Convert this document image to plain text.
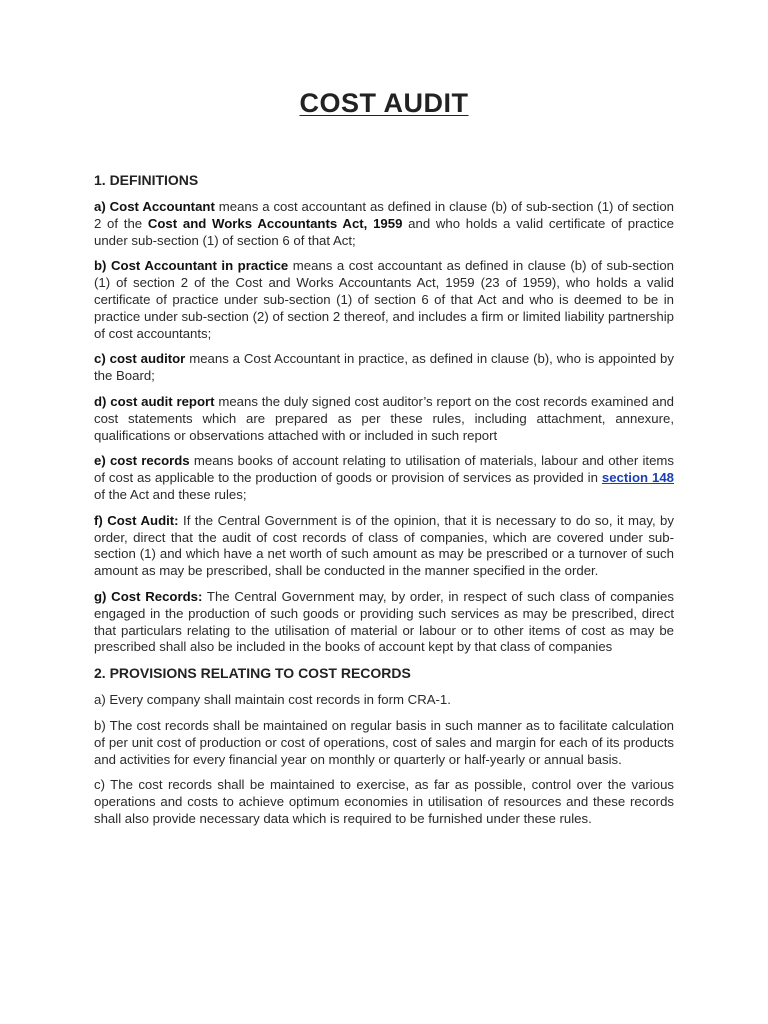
COST AUDIT
1. DEFINITIONS

a) Cost Accountant means a cost accountant as defined in clause (b) of sub-section (1) of section 2 of the Cost and Works Accountants Act, 1959 and who holds a valid certificate of practice under sub-section (1) of section 6 of that Act;

b) Cost Accountant in practice means a cost accountant as defined in clause (b) of sub-section (1) of section 2 of the Cost and Works Accountants Act, 1959 (23 of 1959), who holds a valid certificate of practice under sub-section (1) of section 6 of that Act and who is deemed to be in practice under sub-section (2) of section 2 thereof, and includes a firm or limited liability partnership of cost accountants;

c) cost auditor means a Cost Accountant in practice, as defined in clause (b), who is appointed by the Board;

d) cost audit report means the duly signed cost auditor’s report on the cost records examined and cost statements which are prepared as per these rules, including attachment, annexure, qualifications or observations attached with or included in such report

e) cost records means books of account relating to utilisation of materials, labour and other items of cost as applicable to the production of goods or provision of services as provided in section 148 of the Act and these rules;

f) Cost Audit: If the Central Government is of the opinion, that it is necessary to do so, it may, by order, direct that the audit of cost records of class of companies, which are covered under sub-section (1) and which have a net worth of such amount as may be prescribed or a turnover of such amount as may be prescribed, shall be conducted in the manner specified in the order.

g) Cost Records: The Central Government may, by order, in respect of such class of companies engaged in the production of such goods or providing such services as may be prescribed, direct that particulars relating to the utilisation of material or labour or to other items of cost as may be prescribed shall also be included in the books of account kept by that class of companies

2. PROVISIONS RELATING TO COST RECORDS

a) Every company shall maintain cost records in form CRA-1.

b) The cost records shall be maintained on regular basis in such manner as to facilitate calculation of per unit cost of production or cost of operations, cost of sales and margin for each of its products and activities for every financial year on monthly or quarterly or half-yearly or annual basis.

c) The cost records shall be maintained to exercise, as far as possible, control over the various operations and costs to achieve optimum economies in utilisation of resources and these records shall also provide necessary data which is required to be furnished under these rules.
